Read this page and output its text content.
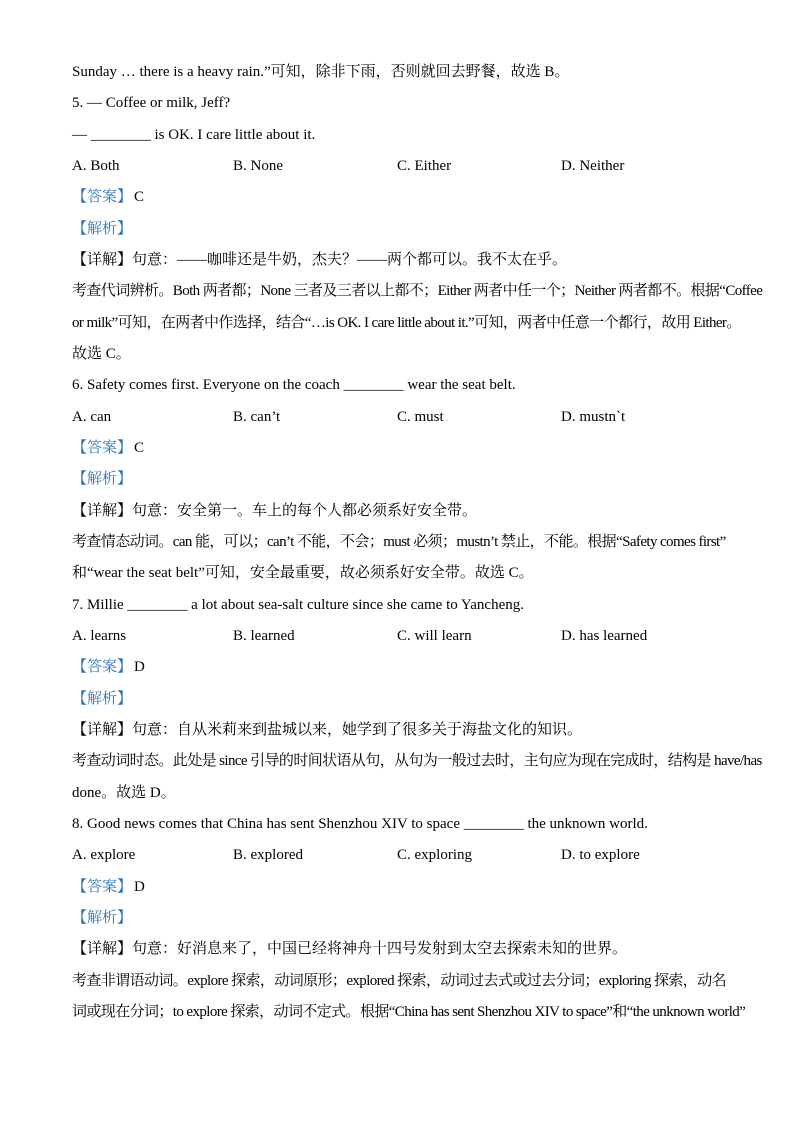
Sunday … there is a heavy rain.”可知，除非下雨，否则就回去野餐，故选 B。
5. — Coffee or milk, Jeff?
— ________ is OK. I care little about it.
A. Both	B. None	C. Either	D. Neither
【答案】 C
【解析】
【详解】句意：——咖啡还是牛奶，杰夫？——两个都可以。我不太在乎。
考查代词辨析。Both 两者都；None 三者及三者以上都不；Either 两者中任一个；Neither 两者都不。根据“Coffee
or milk”可知，在两者中作选择，结合“…is OK. I care little about it.”可知，两者中任意一个都行，故用 Either。
故选 C。
6. Safety comes first. Everyone on the coach ________ wear the seat belt.
A. can	B. can’t	C. must	D. mustn`t
【答案】 C
【解析】
【详解】句意：安全第一。车上的每个人都必须系好安全带。
考查情态动词。can 能，可以；can’t 不能，不会；must 必须；mustn’t 禁止，不能。根据“Safety comes first”
和“wear the seat belt”可知，安全最重要，故必须系好安全带。故选 C。
7. Millie ________ a lot about sea-salt culture since she came to Yancheng.
A. learns	B. learned	C. will learn	D. has learned
【答案】 D
【解析】
【详解】句意：自从米莉来到盐城以来，她学到了很多关于海盐文化的知识。
考查动词时态。此处是 since 引导的时间状语从句，从句为一般过去时，主句应为现在完成时，结构是 have/has
done。故选 D。
8. Good news comes that China has sent Shenzhou XIV to space ________ the unknown world.
A. explore	B. explored	C. exploring	D. to explore
【答案】 D
【解析】
【详解】句意：好消息来了，中国已经将神舟十四号发射到太空去探索未知的世界。
考查非谓语动词。explore 探索，动词原形；explored 探索，动词过去式或过去分词；exploring 探索，动名
词或现在分词；to explore 探索，动词不定式。根据“China has sent Shenzhou XIV to space”和“the unknown world”
